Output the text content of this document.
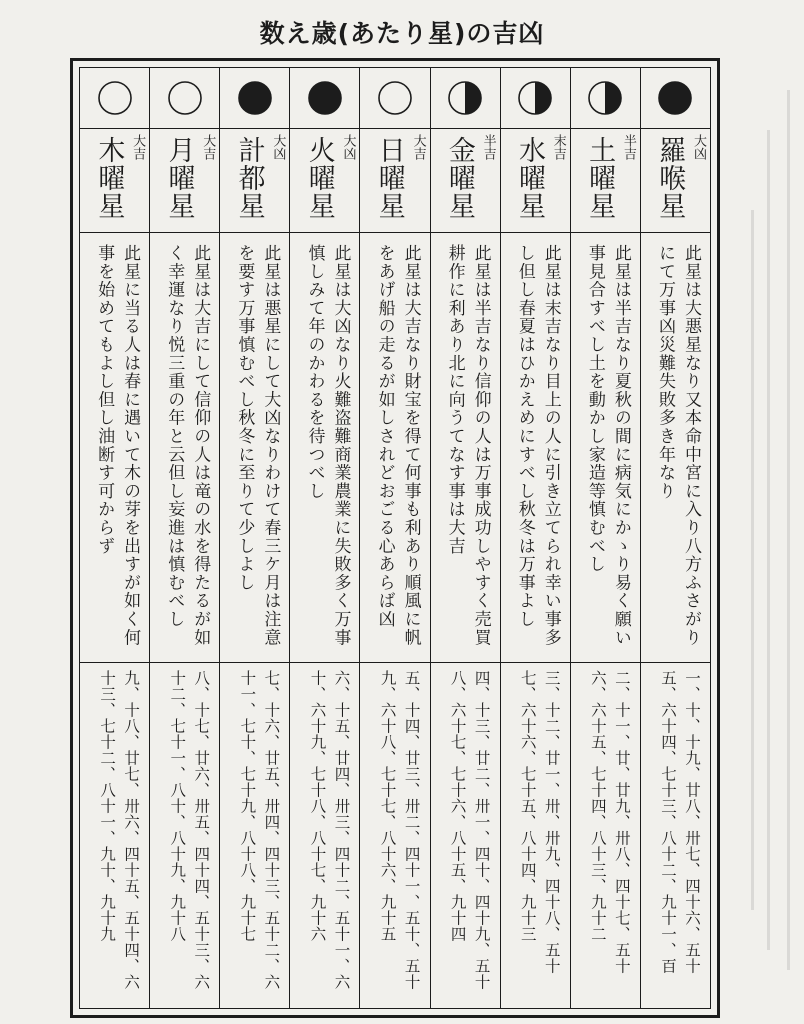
数え歳(あたり星)の吉凶
羅喉星 大凶
此星は大悪星なり又本命中宮に入り八方ふさがりにて万事凶災難失敗多き年なり
一、十、十九、廿八、卅七、四十六、五十五、六十四、七十三、八十二、九十一、百
土曜星 半吉
此星は半吉なり夏秋の間に病気にかゝり易く願い事見合すべし土を動かし家造等慎むべし
二、十一、廿、廿九、卅八、四十七、五十六、六十五、七十四、八十三、九十二
水曜星 末吉
此星は末吉なり目上の人に引き立てられ幸い事多し但し春夏はひかえめにすべし秋冬は万事よし
三、十二、廿一、卅、卅九、四十八、五十七、六十六、七十五、八十四、九十三
金曜星 半吉
此星は半吉なり信仰の人は万事成功しやすく売買耕作に利あり北に向うてなす事は大吉
四、十三、廿二、卅一、四十、四十九、五十八、六十七、七十六、八十五、九十四
日曜星 大吉
此星は大吉なり財宝を得て何事も利あり順風に帆をあげ船の走るが如しされどおごる心あらば凶
五、十四、廿三、卅二、四十一、五十、五十九、六十八、七十七、八十六、九十五
火曜星 大凶
此星は大凶なり火難盗難商業農業に失敗多く万事慎しみて年のかわるを待つべし
六、十五、廿四、卅三、四十二、五十一、六十、六十九、七十八、八十七、九十六
計都星 大凶
此星は悪星にして大凶なりわけて春三ケ月は注意を要す万事慎むべし秋冬に至りて少しよし
七、十六、廿五、卅四、四十三、五十二、六十一、七十、七十九、八十八、九十七
月曜星 大吉
此星は大吉にして信仰の人は竜の水を得たるが如く幸運なり悦三重の年と云但し妄進は慎むべし
八、十七、廿六、卅五、四十四、五十三、六十二、七十一、八十、八十九、九十八
木曜星 大吉
此星に当る人は春に遇いて木の芽を出すが如く何事を始めてもよし但し油断す可からず
九、十八、廿七、卅六、四十五、五十四、六十三、七十二、八十一、九十、九十九
